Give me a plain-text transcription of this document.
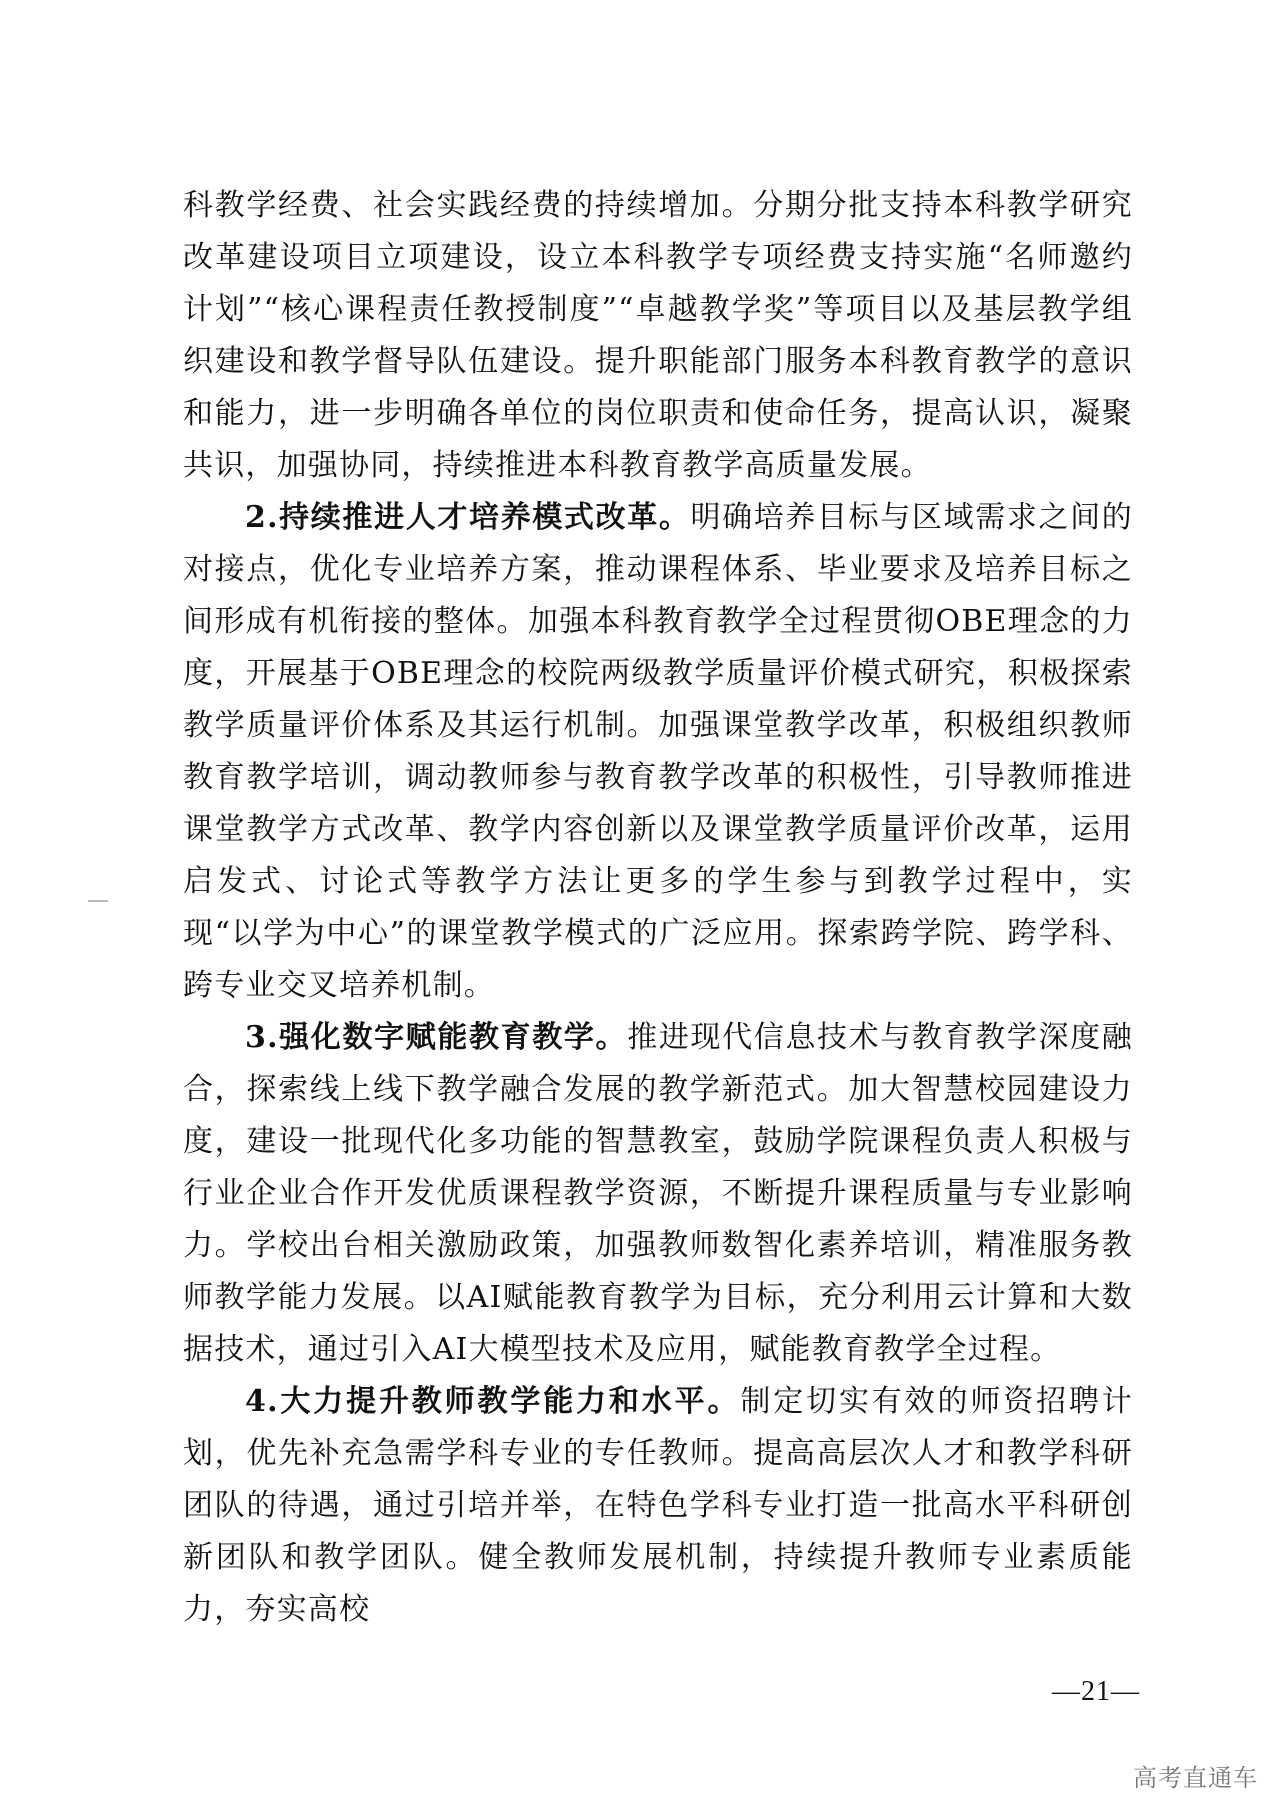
科教学经费、社会实践经费的持续增加。分期分批支持本科教学研究改革建设项目立项建设，设立本科教学专项经费支持实施“名师邀约计划”“核心课程责任教授制度”“卓越教学奖”等项目以及基层教学组织建设和教学督导队伍建设。提升职能部门服务本科教育教学的意识和能力，进一步明确各单位的岗位职责和使命任务，提高认识，凝聚共识，加强协同，持续推进本科教育教学高质量发展。

2.持续推进人才培养模式改革。明确培养目标与区域需求之间的对接点，优化专业培养方案，推动课程体系、毕业要求及培养目标之间形成有机衔接的整体。加强本科教育教学全过程贯彻OBE理念的力度，开展基于OBE理念的校院两级教学质量评价模式研究，积极探索教学质量评价体系及其运行机制。加强课堂教学改革，积极组织教师教育教学培训，调动教师参与教育教学改革的积极性，引导教师推进课堂教学方式改革、教学内容创新以及课堂教学质量评价改革，运用启发式、讨论式等教学方法让更多的学生参与到教学过程中，实现“以学为中心”的课堂教学模式的广泛应用。探索跨学院、跨学科、跨专业交叉培养机制。

3.强化数字赋能教育教学。推进现代信息技术与教育教学深度融合，探索线上线下教学融合发展的教学新范式。加大智慧校园建设力度，建设一批现代化多功能的智慧教室，鼓励学院课程负责人积极与行业企业合作开发优质课程教学资源，不断提升课程质量与专业影响力。学校出台相关激励政策，加强教师数智化素养培训，精准服务教师教学能力发展。以AI赋能教育教学为目标，充分利用云计算和大数据技术，通过引入AI大模型技术及应用，赋能教育教学全过程。

4.大力提升教师教学能力和水平。制定切实有效的师资招聘计划，优先补充急需学科专业的专任教师。提高高层次人才和教学科研团队的待遇，通过引培并举，在特色学科专业打造一批高水平科研创新团队和教学团队。健全教师发展机制，持续提升教师专业素质能力，夯实高校

—21—
高考直通车
